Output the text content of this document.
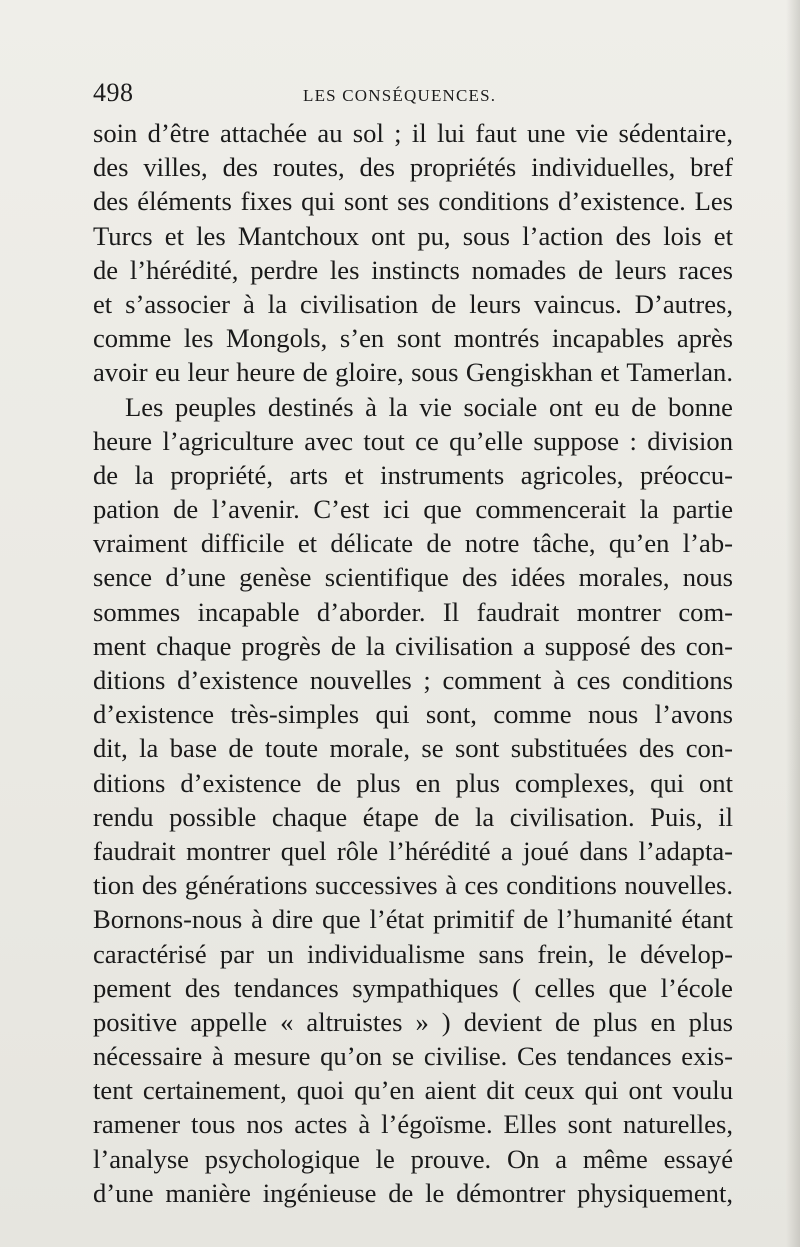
498	LES CONSÉQUENCES.
soin d’être attachée au sol ; il lui faut une vie sédentaire,
des villes, des routes, des propriétés individuelles, bref
des éléments fixes qui sont ses conditions d’existence. Les
Turcs et les Mantchoux ont pu, sous l’action des lois et
de l’hérédité, perdre les instincts nomades de leurs races
et s’associer à la civilisation de leurs vaincus. D’autres,
comme les Mongols, s’en sont montrés incapables après
avoir eu leur heure de gloire, sous Gengiskhan et Tamerlan.
Les peuples destinés à la vie sociale ont eu de bonne
heure l’agriculture avec tout ce qu’elle suppose : division
de la propriété, arts et instruments agricoles, préoccu-
pation de l’avenir. C’est ici que commencerait la partie
vraiment difficile et délicate de notre tâche, qu’en l’ab-
sence d’une genèse scientifique des idées morales, nous
sommes incapable d’aborder. Il faudrait montrer com-
ment chaque progrès de la civilisation a supposé des con-
ditions d’existence nouvelles ; comment à ces conditions
d’existence très-simples qui sont, comme nous l’avons
dit, la base de toute morale, se sont substituées des con-
ditions d’existence de plus en plus complexes, qui ont
rendu possible chaque étape de la civilisation. Puis, il
faudrait montrer quel rôle l’hérédité a joué dans l’adapta-
tion des générations successives à ces conditions nouvelles.
Bornons-nous à dire que l’état primitif de l’humanité étant
caractérisé par un individualisme sans frein, le dévelop-
pement des tendances sympathiques ( celles que l’école
positive appelle « altruistes » ) devient de plus en plus
nécessaire à mesure qu’on se civilise. Ces tendances exis-
tent certainement, quoi qu’en aient dit ceux qui ont voulu
ramener tous nos actes à l’égoïsme. Elles sont naturelles,
l’analyse psychologique le prouve. On a même essayé
d’une manière ingénieuse de le démontrer physiquement,
